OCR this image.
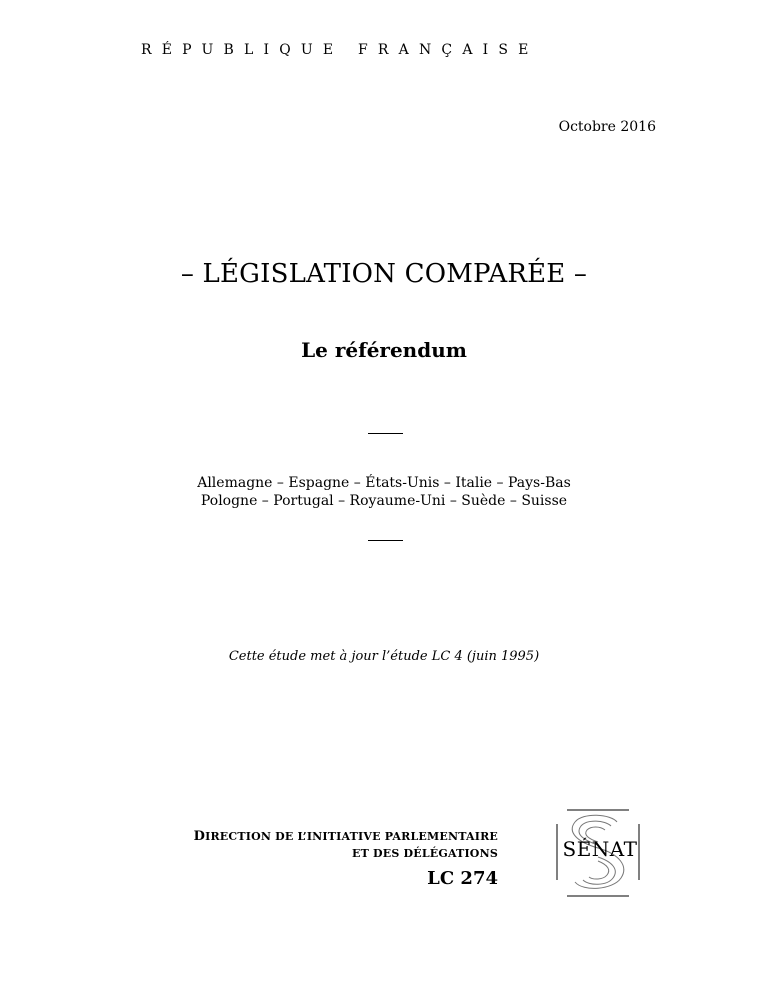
RÉPUBLIQUE FRANÇAISE
Octobre 2016
– LÉGISLATION COMPARÉE –
Le référendum
Allemagne – Espagne – États-Unis – Italie – Pays-Bas
Pologne – Portugal – Royaume-Uni – Suède – Suisse
Cette étude met à jour l’étude LC 4 (juin 1995)
DIRECTION DE L’INITIATIVE PARLEMENTAIRE
ET DES DÉLÉGATIONS
LC 274
SÉNAT
